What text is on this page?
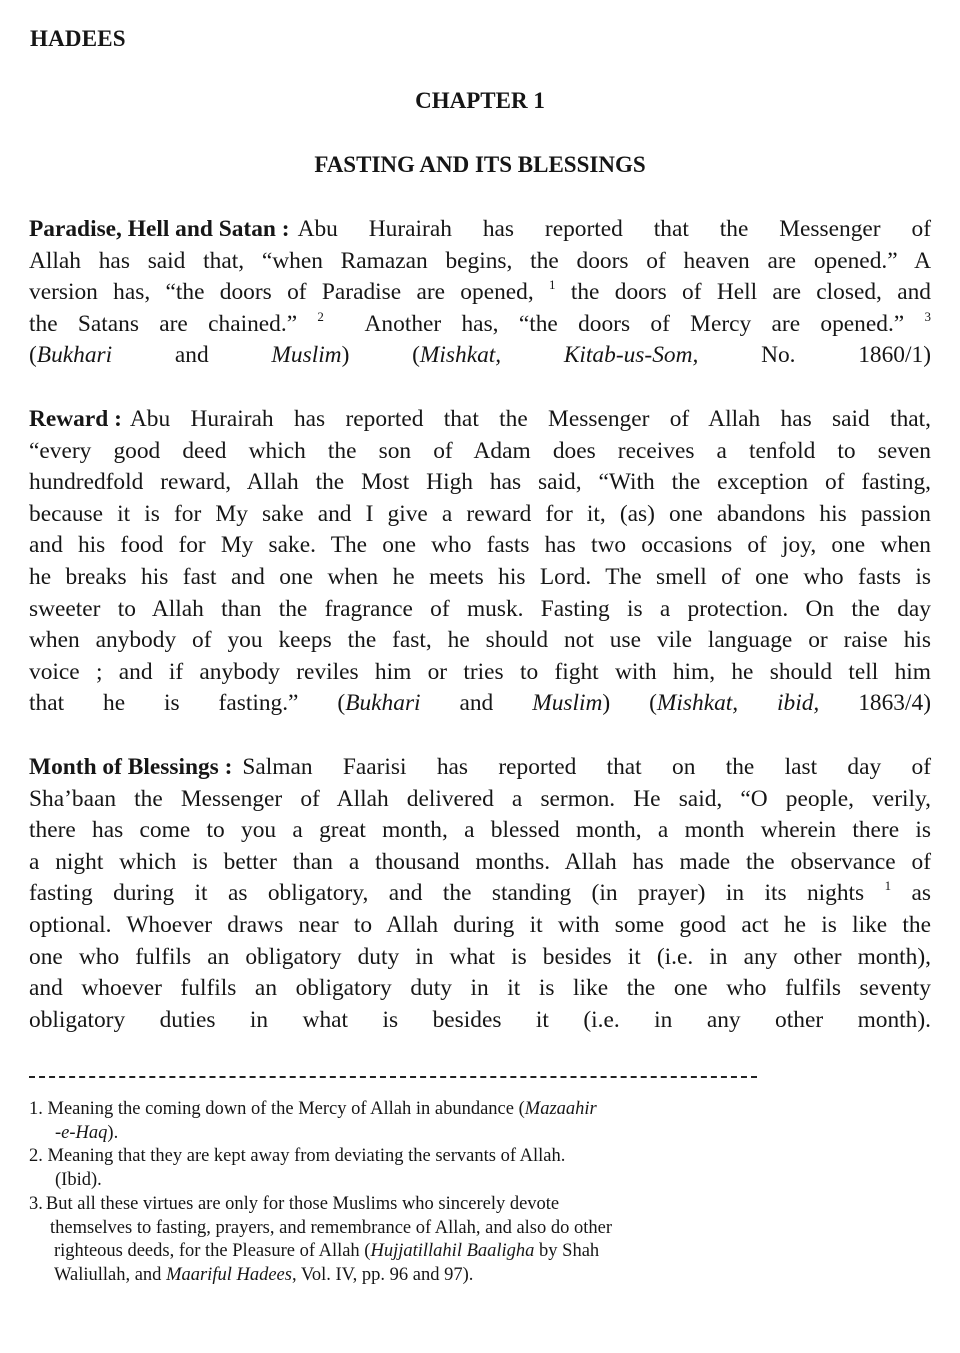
HADEES
CHAPTER 1
FASTING AND ITS BLESSINGS
Paradise, Hell and Satan : Abu Hurairah has reported that the Messenger of
Allah has said that, “when Ramazan begins, the doors of heaven are opened.” A
version has, “the doors of Paradise are opened, $^1$ the doors of Hell are closed, and
the Satans are chained.” $^2$ Another has, “the doors of Mercy are opened.” $^3$
(Bukhari	and	Muslim) (Mishkat, Kitab-us-Som,	No. 1860/1)
Reward : Abu Hurairah has reported that the Messenger of Allah has said that,
“every good deed which the son of Adam does receives a tenfold to seven
hundredfold reward, Allah the Most High has said, “With the exception of fasting,
because it is for My sake and I give a reward for it, (as) one abandons his passion
and his food for My sake. The one who fasts has two occasions of joy, one when
he breaks his fast and one when he meets his Lord. The smell of one who fasts is
sweeter to Allah than the fragrance of musk. Fasting is a protection. On the day
when anybody of you keeps the fast, he should not use vile language or raise his
voice ; and if anybody reviles him or tries to fight with him, he should tell him
that he is fasting.” (Bukhari and Muslim) (Mishkat, ibid, 1863/4)
Month of Blessings : Salman Faarisi has reported that on the last day of
Sha’baan the Messenger of Allah delivered a sermon. He said, “O people, verily,
there has come to you a great month, a blessed month, a month wherein there is
a night which is better than a thousand months. Allah has made the observance of
fasting during it as obligatory, and the standing (in prayer) in its nights $^1$ as
optional. Whoever draws near to Allah during it with some good act he is like the
one who fulfils an obligatory duty in what is besides it (i.e. in any other month),
and whoever fulfils an obligatory duty in it is like the one who fulfils seventy
obligatory duties in what is besides it (i.e. in any other month).
1. Meaning the coming down of the Mercy of Allah in abundance (Mazaahir
-e-Haq).
2. Meaning that they are kept away from deviating the servants of Allah.
(Ibid).
3. But all these virtues are only for those Muslims who sincerely devote
themselves to fasting, prayers, and remembrance of Allah, and also do other
righteous deeds, for the Pleasure of Allah (Hujjatillahil Baaligha by Shah
Waliullah, and Maariful Hadees, Vol. IV, pp. 96 and 97).
